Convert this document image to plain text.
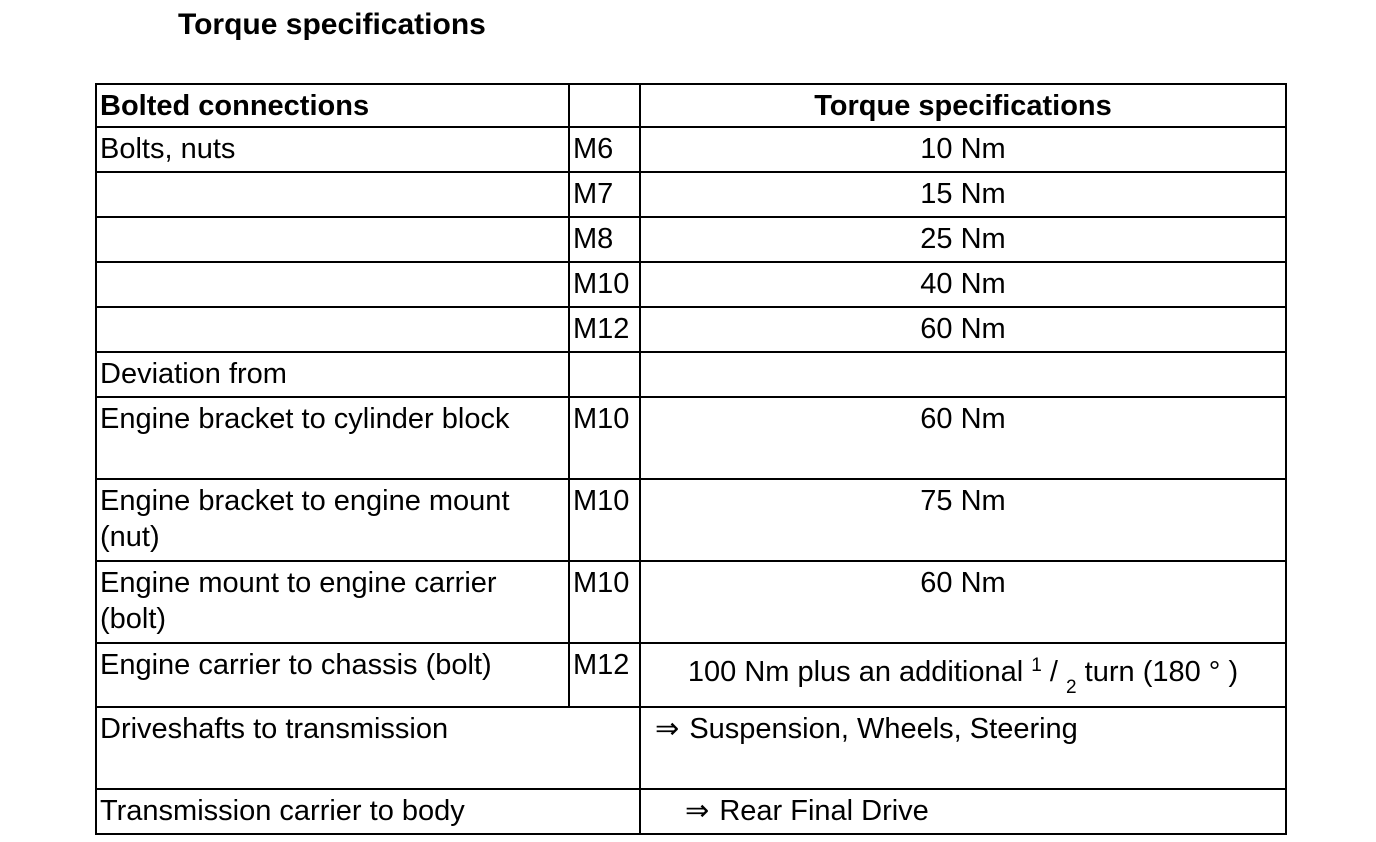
Torque specifications
Bolted connections		Torque specifications
Bolts, nuts	M6	10 Nm
	M7	15 Nm
	M8	25 Nm
	M10	40 Nm
	M12	60 Nm
Deviation from		
Engine bracket to cylinder block	M10	60 Nm
Engine bracket to engine mount (nut)	M10	75 Nm
Engine mount to engine carrier (bolt)	M10	60 Nm
Engine carrier to chassis (bolt)	M12	100 Nm plus an additional $^1$ / $_2$ turn (180 ° )
Driveshafts to transmission		⇒ Suspension, Wheels, Steering
Transmission carrier to body		⇒ Rear Final Drive
